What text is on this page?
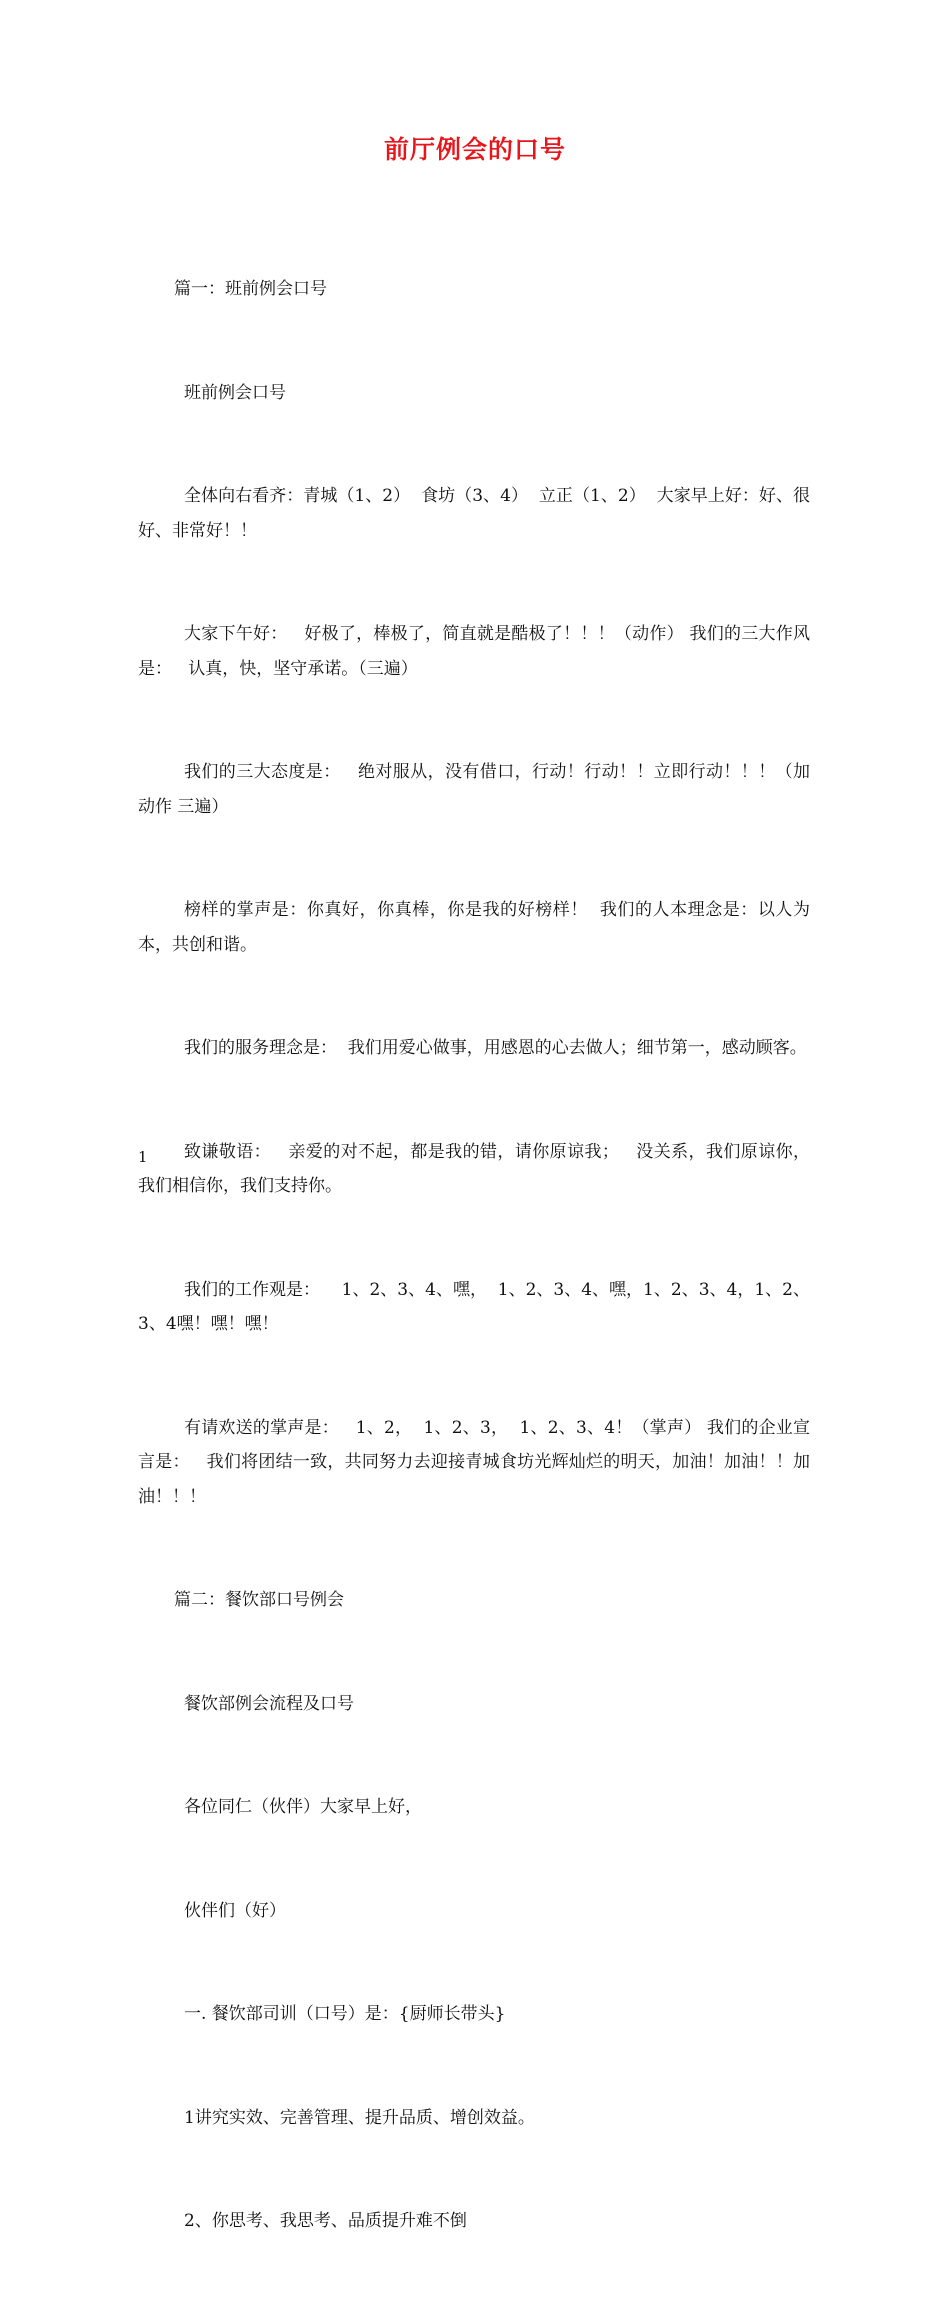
前厅例会的口号

篇一：班前例会口号

班前例会口号

全体向右看齐：青城（1、2）  食坊（3、4）  立正（1、2）  大家早上好：好、很好、非常好！！

大家下午好：   好极了，棒极了，简直就是酷极了！！！（动作） 我们的三大作风是：   认真，快，坚守承诺。（三遍）

我们的三大态度是：   绝对服从，没有借口，行动！行动！！立即行动！！！（加动作 三遍）

榜样的掌声是：你真好，你真棒，你是我的好榜样！  我们的人本理念是：以人为本，共创和谐。

我们的服务理念是：  我们用爱心做事，用感恩的心去做人；细节第一，感动顾客。

致谦敬语：   亲爱的对不起，都是我的错，请你原谅我；   没关系，我们原谅你，我们相信你，我们支持你。

我们的工作观是：    1、2、3、4、嘿，  1、2、3、4、嘿，1、2、3、4，1、2、3、4嘿！嘿！嘿！

有请欢送的掌声是：   1、2，  1、2、3，  1、2、3、4！（掌声） 我们的企业宣言是：   我们将团结一致，共同努力去迎接青城食坊光辉灿烂的明天，加油！加油！！加油！！！

篇二：餐饮部口号例会

餐饮部例会流程及口号

各位同仁（伙伴）大家早上好，

伙伴们（好）

一. 餐饮部司训（口号）是：{厨师长带头}

1讲究实效、完善管理、提升品质、增创效益。

2、你思考、我思考、品质提升难不倒

1
